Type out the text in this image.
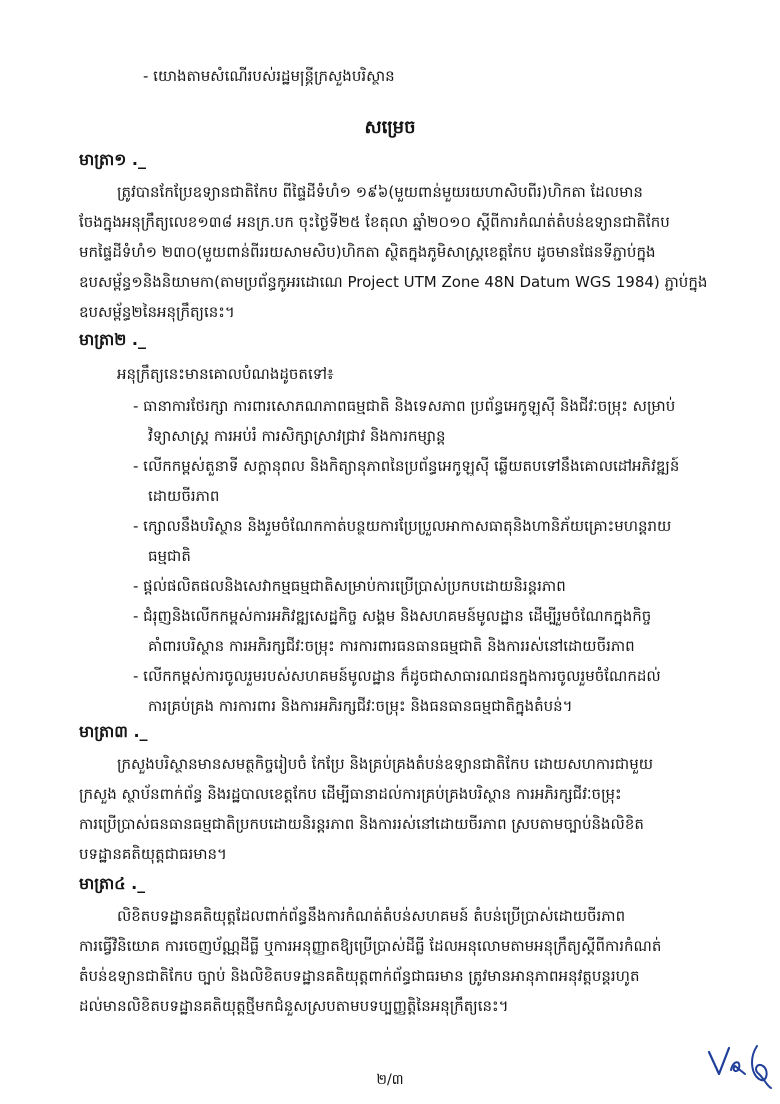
- យោងតាមសំណើរបស់រដ្ឋមន្ត្រីក្រសួងបរិស្ថាន
សម្រេច
មាត្រា១ ._
ត្រូវបានកែប្រែឧទ្យានជាតិកែប ពីផ្ទៃដីទំហំ១ ១៩៦(មួយពាន់មួយរយហាសិបពីរ)ហិកតា ដែលមាន
ចែងក្នុងអនុក្រឹត្យលេខ១៣៨ អនក្រ.បក ចុះថ្ងៃទី២៥ ខែតុលា ឆ្នាំ២០១០ ស្តីពីការកំណត់តំបន់ឧទ្យានជាតិកែប
មកផ្ទៃដីទំហំ១ ២៣០(មួយពាន់ពីររយសាមសិប)ហិកតា ស្ថិតក្នុងភូមិសាស្ត្រខេត្តកែប ដូចមានផែនទីភ្ជាប់ក្នុង
ឧបសម្ព័ន្ធ១និងនិយាមកា(តាមប្រព័ន្ធកូអរដោណេ Project UTM Zone 48N Datum WGS 1984) ភ្ជាប់ក្នុង
ឧបសម្ព័ន្ធ២នៃអនុក្រឹត្យនេះ។
មាត្រា២ ._
អនុក្រឹត្យនេះមានគោលបំណងដូចតទៅ៖
- ធានាការថែរក្សា ការពារសោភណភាពធម្មជាតិ និងទេសភាព ប្រព័ន្ធអេកូឡូស៊ី និងជីវៈចម្រុះ សម្រាប់
វិទ្យាសាស្ត្រ ការអប់រំ ការសិក្សាស្រាវជ្រាវ និងការកម្សាន្ត
- លើកកម្ពស់តួនាទី សក្តានុពល និងកិត្យានុភាពនៃប្រព័ន្ធអេកូឡូស៊ី ឆ្លើយតបទៅនឹងគោលដៅអភិវឌ្ឍន៍
ដោយចីរភាព
- ក្សោលនឹងបរិស្ថាន និងរួមចំណែកកាត់បន្ថយការប្រែប្រួលអាកាសធាតុនិងហានិភ័យគ្រោះមហន្តរាយ
ធម្មជាតិ
- ផ្តល់ផលិតផលនិងសេវាកម្មធម្មជាតិសម្រាប់ការប្រើប្រាស់ប្រកបដោយនិរន្តរភាព
- ជំរុញនិងលើកកម្ពស់ការអភិវឌ្ឍសេដ្ឋកិច្ច សង្គម និងសហគមន៍មូលដ្ឋាន ដើម្បីរួមចំណែកក្នុងកិច្ច
គាំពារបរិស្ថាន ការអភិរក្សជីវៈចម្រុះ ការការពារធនធានធម្មជាតិ និងការរស់នៅដោយចីរភាព
- លើកកម្ពស់ការចូលរួមរបស់សហគមន៍មូលដ្ឋាន ក៏ដូចជាសាធារណជនក្នុងការចូលរួមចំណែកដល់
ការគ្រប់គ្រង ការការពារ និងការអភិរក្សជីវៈចម្រុះ និងធនធានធម្មជាតិក្នុងតំបន់។
មាត្រា៣ ._
ក្រសួងបរិស្ថានមានសមត្ថកិច្ចរៀបចំ កែប្រែ និងគ្រប់គ្រងតំបន់ឧទ្យានជាតិកែប ដោយសហការជាមួយ
ក្រសួង ស្ថាប័នពាក់ព័ន្ធ និងរដ្ឋបាលខេត្តកែប ដើម្បីធានាដល់ការគ្រប់គ្រងបរិស្ថាន ការអភិរក្សជីវៈចម្រុះ
ការប្រើប្រាស់ធនធានធម្មជាតិប្រកបដោយនិរន្តរភាព និងការរស់នៅដោយចីរភាព ស្របតាមច្បាប់និងលិខិត
បទដ្ឋានគតិយុត្តជាធរមាន។
មាត្រា៤ ._
លិខិតបទដ្ឋានគតិយុត្តដែលពាក់ព័ន្ធនឹងការកំណត់តំបន់សហគមន៍ តំបន់ប្រើប្រាស់ដោយចីរភាព
ការធ្វើវិនិយោគ ការចេញប័ណ្ណដីធ្លី ឬការអនុញ្ញាតឱ្យប្រើប្រាស់ដីធ្លី ដែលអនុលោមតាមអនុក្រឹត្យស្តីពីការកំណត់
តំបន់ឧទ្យានជាតិកែប ច្បាប់ និងលិខិតបទដ្ឋានគតិយុត្តពាក់ព័ន្ធជាធរមាន ត្រូវមានអានុភាពអនុវត្តបន្តរហូត
ដល់មានលិខិតបទដ្ឋានគតិយុត្តថ្មីមកជំនួសស្របតាមបទប្បញ្ញត្តិនៃអនុក្រឹត្យនេះ។
២/៣
